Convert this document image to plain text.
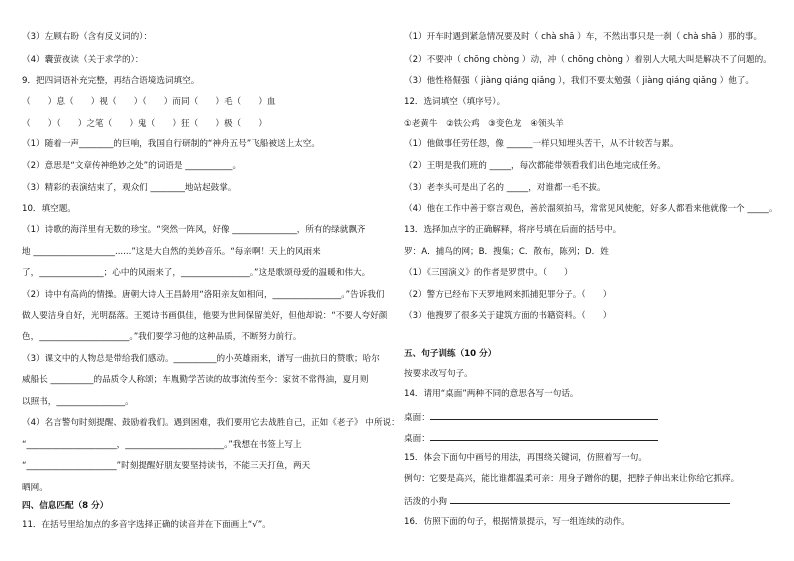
（3）左顾右盼（含有反义词的）：
（4）囊萤夜读（关于求学的）：
9．把四词语补充完整，再结合语境选词填空。
（　　）息（　　）视（　　）（　　）而同（　　）毛（　　）血
（　　）（　　）之笔（　　）鬼（　　）狂（　　）极（　　）
（1）随着一声________的巨响，我国自行研制的“神舟五号”飞船被送上太空。
（2）意思是“文章传神绝妙之处”的词语是 ___________。
（3）精彩的表演结束了，观众们 ________地站起鼓掌。
10．填空题。
（1）诗歌的海洋里有无数的珍宝。“突然一阵风，好像 _______________，所有的绿就飘齐
地 ___________________......”这是大自然的美妙音乐。“每亲啊！天上的风雨来
了，_______________；心中的风雨来了，________________。”这是歌颂母爱的温暖和伟大。
（2）诗中有高尚的情操。唐朝大诗人王昌龄用“洛阳亲友如相问，________________。”告诉我们
做人要洁身自好，光明磊落。王冕诗书画俱佳，他要为世间保留美好，但他却说：“不要人夸好颜
色，_____________________。”我们要学习他的这种品质，不断努力前行。
（3）课文中的人物总是带给我们感动。__________的小英雄雨来，谱写一曲抗日的赞歌；哈尔
威船长 __________的品质令人称颂；车胤勤学苦读的故事流传至今：家贫不常得油，夏月则
以照书，________________。
（4）名言警句时刻提醒、鼓励着我们。遇到困难，我们要用它去战胜自己，正如《老子》 中所说：
“_____________________，_______________________。”我想在书签上写上
“_____________________”时刻提醒好朋友要坚持读书，不能三天打鱼，两天
晒网。
四、信息匹配（8 分）
11．在括号里给加点的多音字选择正确的读音并在下面画上“√”。
（1）开车时遇到紧急情况要及时（ chà shā ）车，不然出事只是一刹（ chà shā ）那的事。
（2）不要冲（ chōng chòng ）动，冲（ chōng chòng ）着别人大吼大叫是解决不了问题的。
（3）他性格倔强（ jiàng qiáng qiǎng ），我们不要太勉强（ jiàng qiáng qiǎng ）他了。
12．选词填空（填序号）。
①老黄牛　②铁公鸡　③变色龙　④领头羊
（1）他做事任劳任怨，像 ______一样只知埋头苦干，从不计较苦与累。
（2）王明是我们班的 _____，每次都能带领看我们出色地完成任务。
（3）老李头可是出了名的 _____，对谁都一毛不拔。
（4）他在工作中善于察言观色，善於溜须拍马，常常见风使舵，好多人都看来他就像一个 _____。
13．选择加点字的正确解释，将序号填在后面的括号中。
罗：A．捕鸟的网；B．搜集；C．散布，陈列；D．姓
（1）《三国演义》的作者是罗贯中。（　　）
（2）警方已经布下天罗地网来抓捕犯罪分子。（　　）
（3）他搜罗了很多关于建筑方面的书籍资料。（　　）
五、句子训练（10 分）
按要求改写句子。
14．请用“桌面”两种不同的意思各写一句话。
桌面：
桌面：
15．体会下面句中画号的用法，再围绕关键词，仿照着写一句。
例句：它要是高兴，能比谁都温柔可亲：用身子蹭你的腿，把脖子伸出来让你给它抓痒。
活泼的小狗
16．仿照下面的句子，根据情景提示，写一组连续的动作。
